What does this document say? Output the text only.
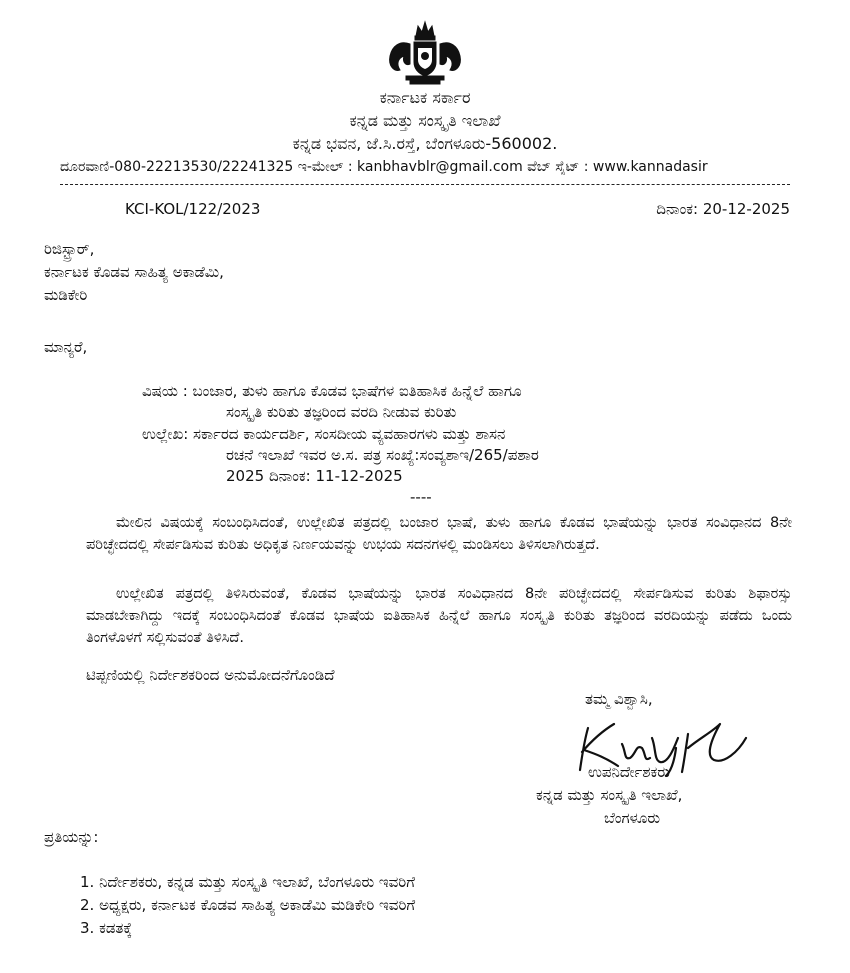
ಕರ್ನಾಟಕ ಸರ್ಕಾರ
ಕನ್ನಡ ಮತ್ತು ಸಂಸ್ಕೃತಿ ಇಲಾಖೆ
ಕನ್ನಡ ಭವನ, ಜೆ.ಸಿ.ರಸ್ತೆ, ಬೆಂಗಳೂರು-560002.
ದೂರವಾಣಿ-080-22213530/22241325 ಇ-ಮೇಲ್ : kanbhavblr@gmail.com ವೆಬ್ ಸೈಟ್ : www.kannadasir
KCI-KOL/122/2023	ದಿನಾಂಕ: 20-12-2025
ರಿಜಿಸ್ಟ್ರಾರ್,
ಕರ್ನಾಟಕ ಕೊಡವ ಸಾಹಿತ್ಯ ಅಕಾಡೆಮಿ,
ಮಡಿಕೇರಿ
ಮಾನ್ಯರೆ,
ವಿಷಯ : ಬಂಜಾರ, ತುಳು ಹಾಗೂ ಕೊಡವ ಭಾಷೆಗಳ ಐತಿಹಾಸಿಕ ಹಿನ್ನೆಲೆ ಹಾಗೂ
ಸಂಸ್ಕೃತಿ ಕುರಿತು ತಜ್ಞರಿಂದ ವರದಿ ನೀಡುವ ಕುರಿತು
ಉಲ್ಲೇಖ: ಸರ್ಕಾರದ ಕಾರ್ಯದರ್ಶಿ, ಸಂಸದೀಯ ವ್ಯವಹಾರಗಳು ಮತ್ತು ಶಾಸನ
ರಚನೆ ಇಲಾಖೆ ಇವರ ಅ.ಸ. ಪತ್ರ ಸಂಖ್ಯೆ:ಸಂವ್ಯಶಾಇ/265/ಪಶಾರ
2025 ದಿನಾಂಕ: 11-12-2025
----

ಮೇಲಿನ ವಿಷಯಕ್ಕೆ ಸಂಬಂಧಿಸಿದಂತೆ, ಉಲ್ಲೇಖಿತ ಪತ್ರದಲ್ಲಿ ಬಂಜಾರ ಭಾಷೆ, ತುಳು ಹಾಗೂ ಕೊಡವ ಭಾಷೆಯನ್ನು ಭಾರತ ಸಂವಿಧಾನದ 8ನೇ ಪರಿಚ್ಛೇದದಲ್ಲಿ ಸೇರ್ಪಡಿಸುವ ಕುರಿತು ಅಧಿಕೃತ ನಿರ್ಣಯವನ್ನು ಉಭಯ ಸದನಗಳಲ್ಲಿ ಮಂಡಿಸಲು ತಿಳಿಸಲಾಗಿರುತ್ತದೆ.

ಉಲ್ಲೇಖಿತ ಪತ್ರದಲ್ಲಿ ತಿಳಿಸಿರುವಂತೆ, ಕೊಡವ ಭಾಷೆಯನ್ನು ಭಾರತ ಸಂವಿಧಾನದ 8ನೇ ಪರಿಚ್ಛೇದದಲ್ಲಿ ಸೇರ್ಪಡಿಸುವ ಕುರಿತು ಶಿಫಾರಸ್ಸು ಮಾಡಬೇಕಾಗಿದ್ದು ಇದಕ್ಕೆ ಸಂಬಂಧಿಸಿದಂತೆ ಕೊಡವ ಭಾಷೆಯ ಐತಿಹಾಸಿಕ ಹಿನ್ನೆಲೆ ಹಾಗೂ ಸಂಸ್ಕೃತಿ ಕುರಿತು ತಜ್ಞರಿಂದ ವರದಿಯನ್ನು ಪಡೆದು ಒಂದು ತಿಂಗಳೊಳಗೆ ಸಲ್ಲಿಸುವಂತೆ ತಿಳಿಸಿದೆ.

ಟಿಪ್ಪಣಿಯಲ್ಲಿ ನಿರ್ದೇಶಕರಿಂದ ಅನುಮೋದನೆಗೊಂಡಿದೆ
ತಮ್ಮ ವಿಶ್ವಾಸಿ,
ಉಪನಿರ್ದೇಶಕರು
ಕನ್ನಡ ಮತ್ತು ಸಂಸ್ಕೃತಿ ಇಲಾಖೆ,
ಬೆಂಗಳೂರು
ಪ್ರತಿಯನ್ನು:
1. ನಿರ್ದೇಶಕರು, ಕನ್ನಡ ಮತ್ತು ಸಂಸ್ಕೃತಿ ಇಲಾಖೆ, ಬೆಂಗಳೂರು ಇವರಿಗೆ
2. ಅಧ್ಯಕ್ಷರು, ಕರ್ನಾಟಕ ಕೊಡವ ಸಾಹಿತ್ಯ ಅಕಾಡೆಮಿ ಮಡಿಕೇರಿ ಇವರಿಗೆ
3. ಕಡತಕ್ಕೆ
